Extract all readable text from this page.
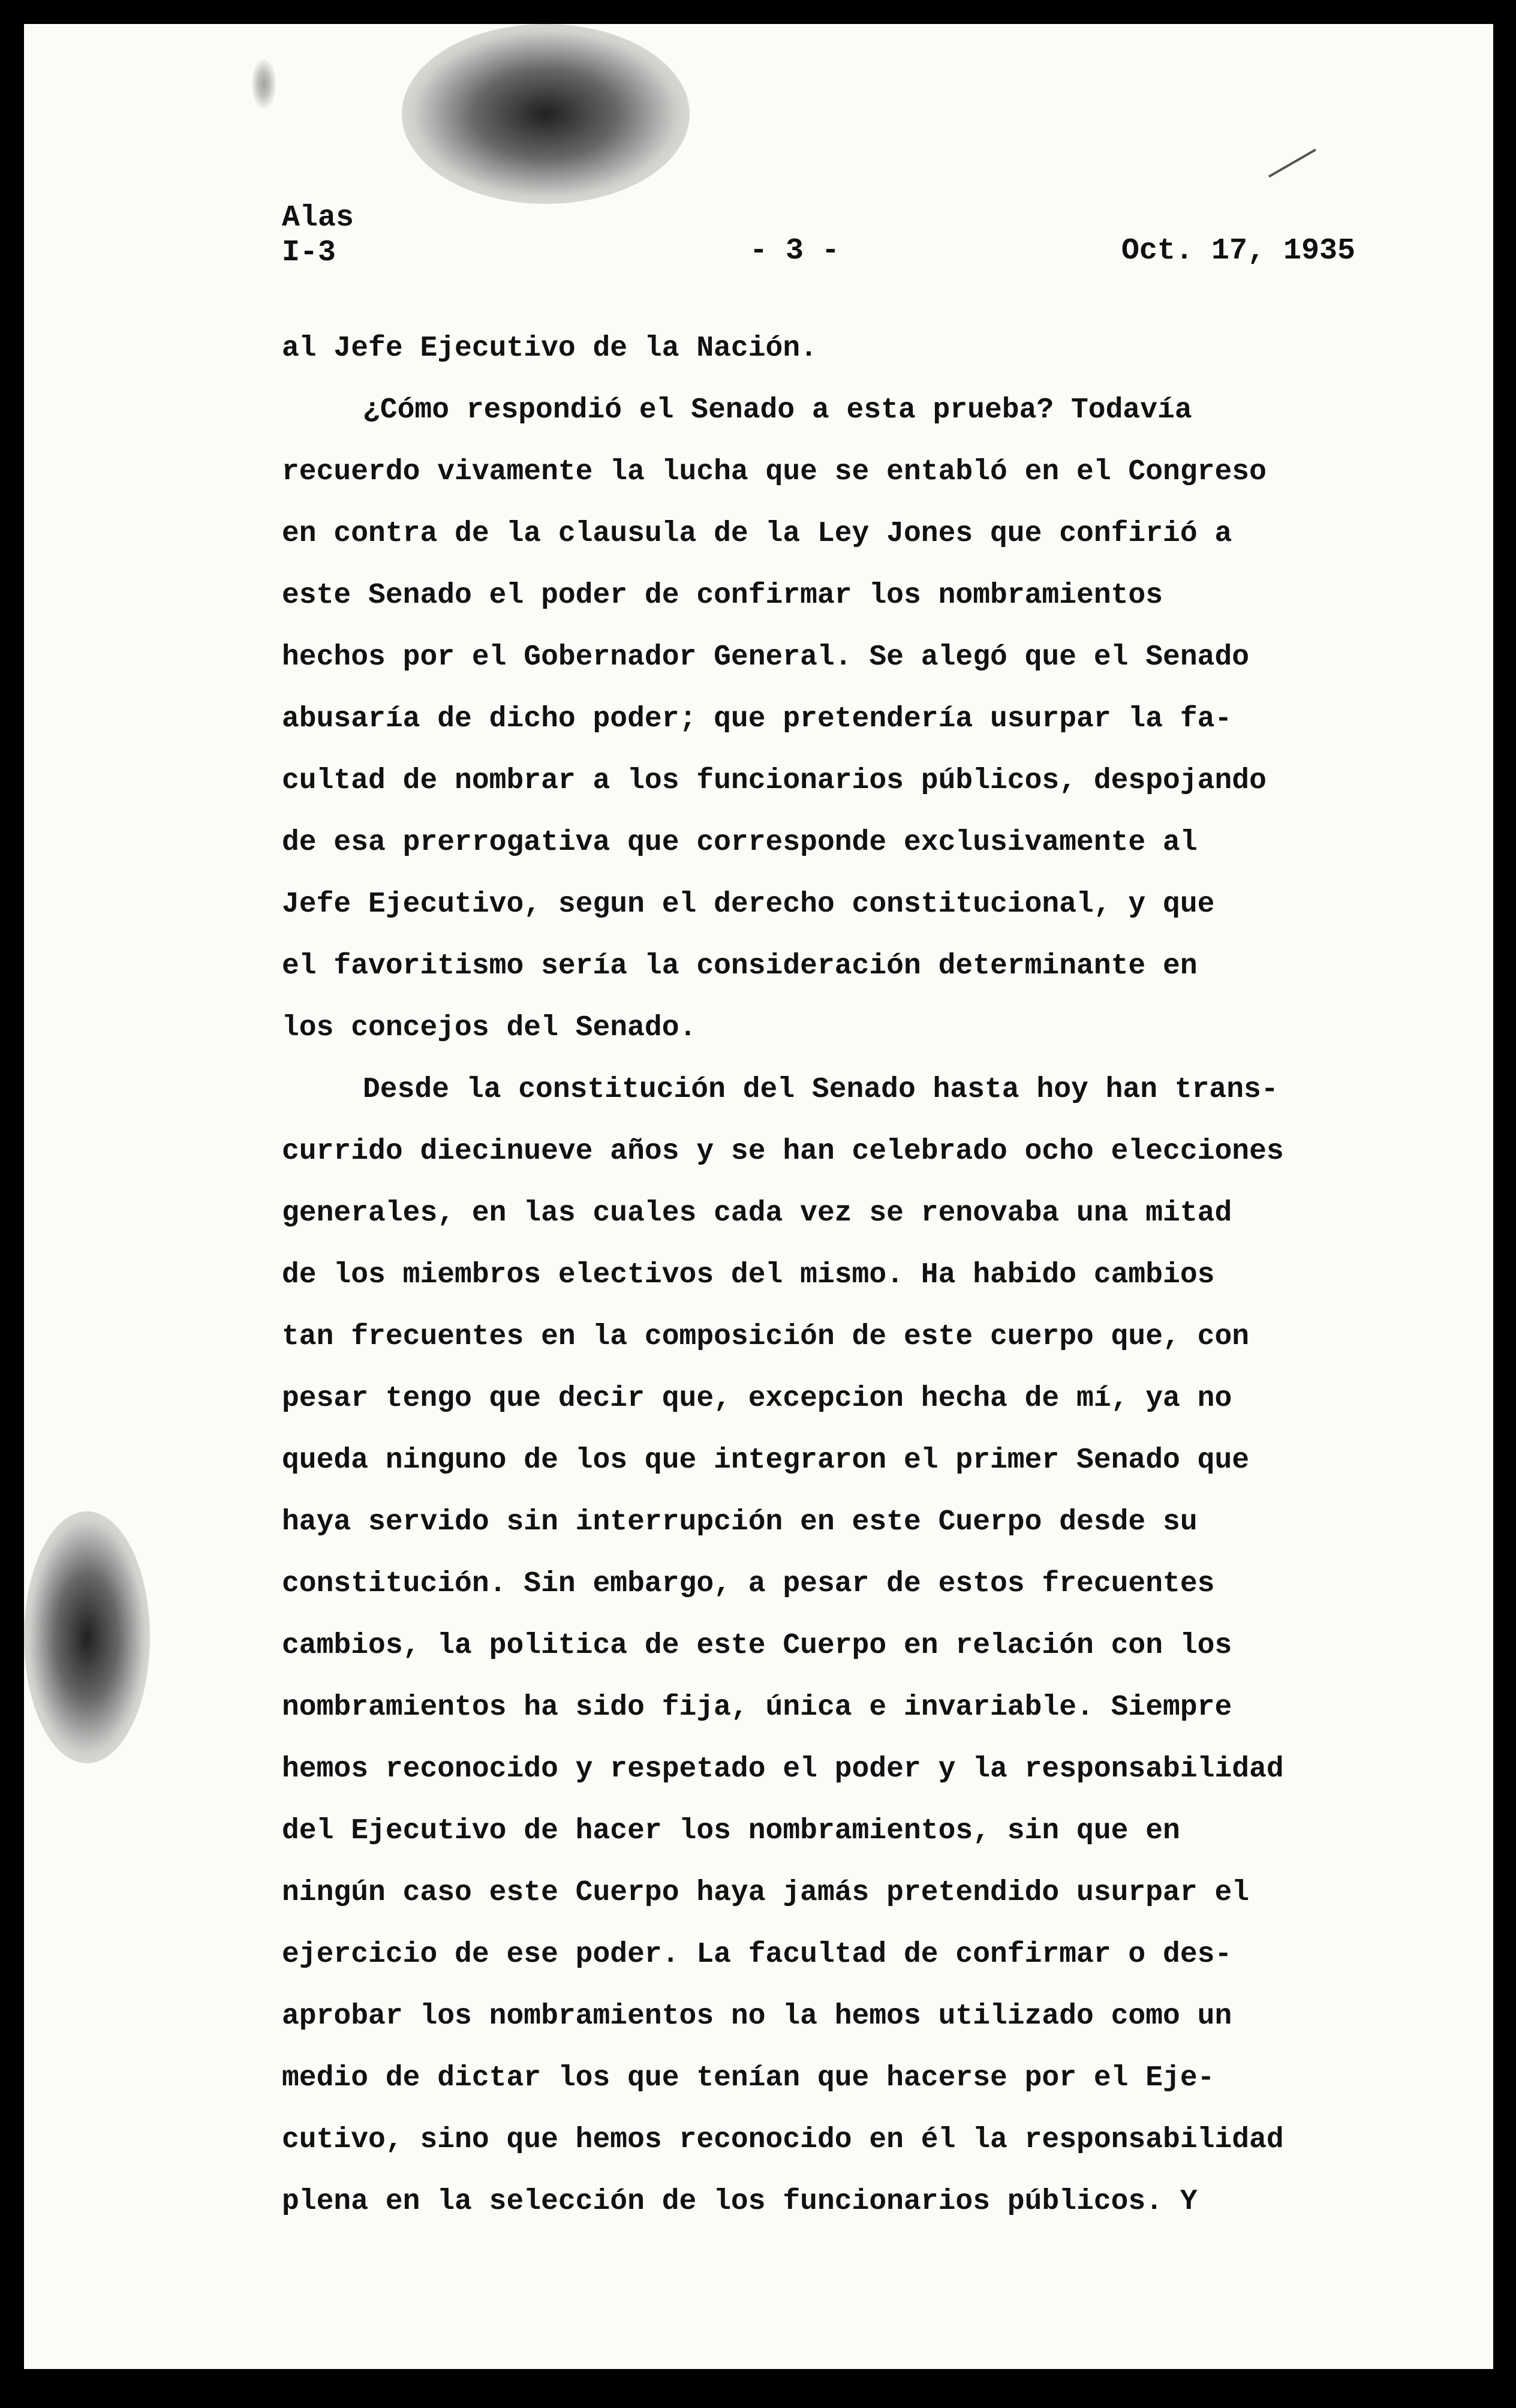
Alas
I-3	- 3 -	Oct. 17, 1935
al Jefe Ejecutivo de la Nación.
¿Cómo respondió el Senado a esta prueba? Todavía
recuerdo vivamente la lucha que se entabló en el Congreso
en contra de la clausula de la Ley Jones que confirió a
este Senado el poder de confirmar los nombramientos
hechos por el Gobernador General. Se alegó que el Senado
abusaría de dicho poder; que pretendería usurpar la fa-
cultad de nombrar a los funcionarios públicos, despojando
de esa prerrogativa que corresponde exclusivamente al
Jefe Ejecutivo, segun el derecho constitucional, y que
el favoritismo sería la consideración determinante en
los concejos del Senado.
Desde la constitución del Senado hasta hoy han trans-
currido diecinueve años y se han celebrado ocho elecciones
generales, en las cuales cada vez se renovaba una mitad
de los miembros electivos del mismo. Ha habido cambios
tan frecuentes en la composición de este cuerpo que, con
pesar tengo que decir que, excepcion hecha de mí, ya no
queda ninguno de los que integraron el primer Senado que
haya servido sin interrupción en este Cuerpo desde su
constitución. Sin embargo, a pesar de estos frecuentes
cambios, la politica de este Cuerpo en relación con los
nombramientos ha sido fija, única e invariable. Siempre
hemos reconocido y respetado el poder y la responsabilidad
del Ejecutivo de hacer los nombramientos, sin que en
ningún caso este Cuerpo haya jamás pretendido usurpar el
ejercicio de ese poder. La facultad de confirmar o des-
aprobar los nombramientos no la hemos utilizado como un
medio de dictar los que tenían que hacerse por el Eje-
cutivo, sino que hemos reconocido en él la responsabilidad
plena en la selección de los funcionarios públicos. Y
